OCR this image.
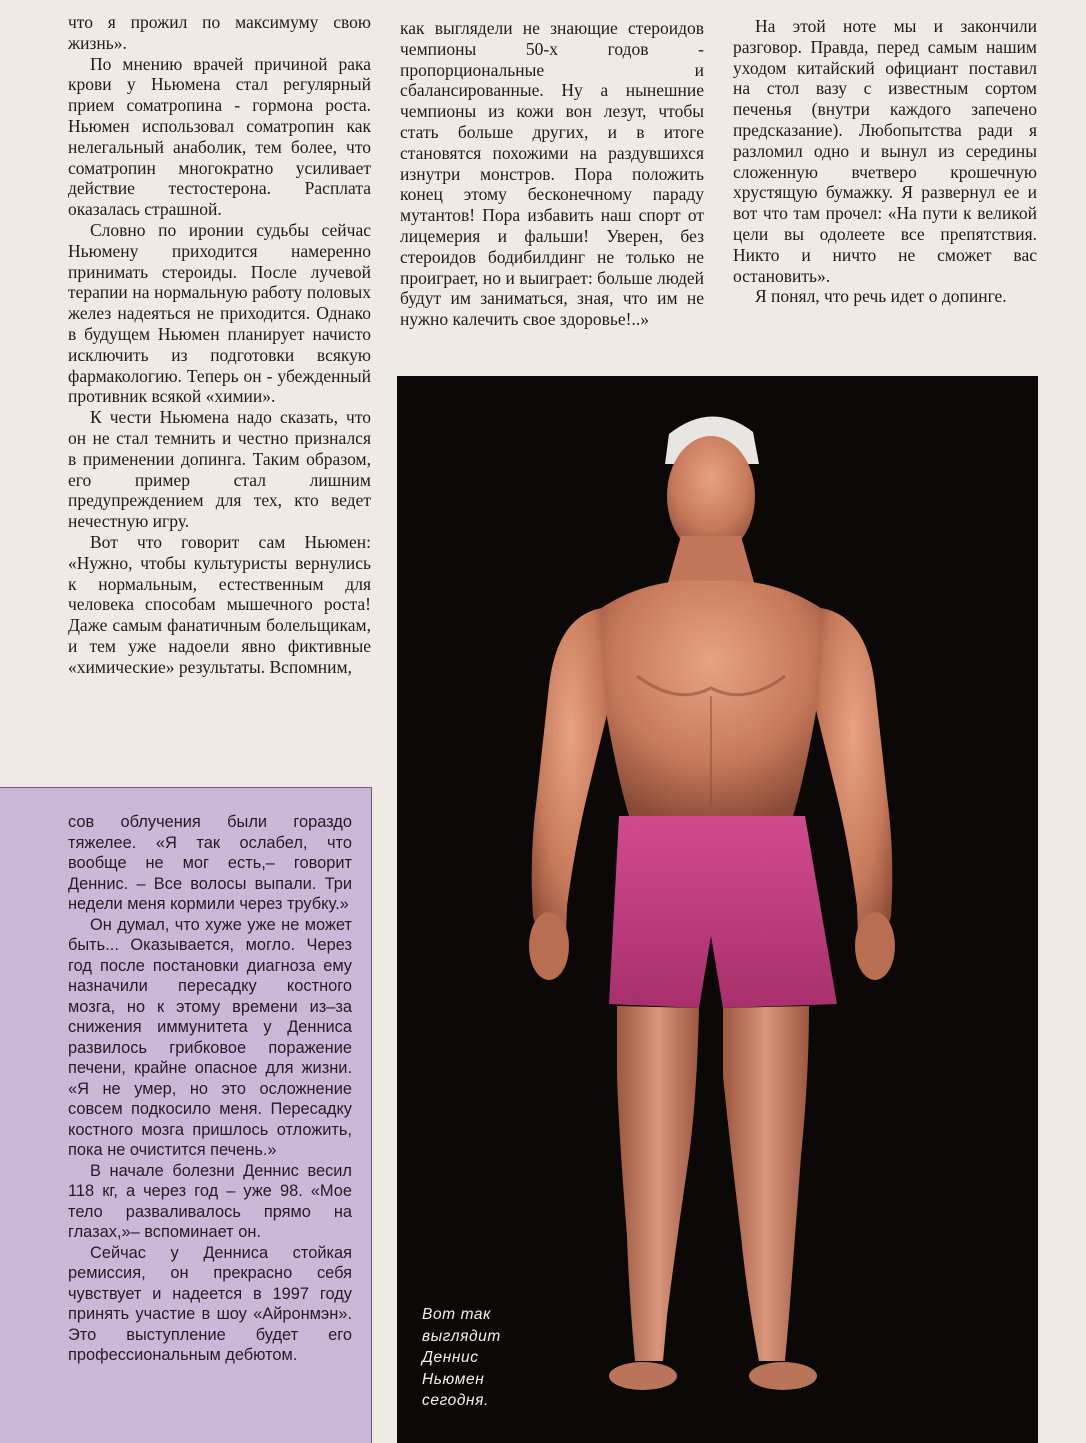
что я прожил по максимуму свою жизнь».

По мнению врачей причиной рака крови у Ньюмена стал регулярный прием соматропина - гормона роста. Ньюмен использовал соматропин как нелегальный анаболик, тем более, что соматропин многократно усиливает действие тестостерона. Расплата оказалась страшной.

Словно по иронии судьбы сейчас Ньюмену приходится намеренно принимать стероиды. После лучевой терапии на нормальную работу половых желез надеяться не приходится. Однако в будущем Ньюмен планирует начисто исключить из подготовки всякую фармакологию. Теперь он - убежденный противник всякой «химии».

К чести Ньюмена надо сказать, что он не стал темнить и честно признался в применении допинга. Таким образом, его пример стал лишним предупреждением для тех, кто ведет нечестную игру.

Вот что говорит сам Ньюмен: «Нужно, чтобы культуристы вернулись к нормальным, естественным для человека способам мышечного роста! Даже самым фанатичным болельщикам, и тем уже надоели явно фиктивные «химические» результаты. Вспомним,

как выглядели не знающие стероидов чемпионы 50-х годов - пропорциональные и сбалансированные. Ну а нынешние чемпионы из кожи вон лезут, чтобы стать больше других, и в итоге становятся похожими на раздувшихся изнутри монстров. Пора положить конец этому бесконечному параду мутантов! Пора избавить наш спорт от лицемерия и фальши! Уверен, без стероидов бодибилдинг не только не проиграет, но и выиграет: больше людей будут им заниматься, зная, что им не нужно калечить свое здоровье!..»

На этой ноте мы и закончили разговор. Правда, перед самым нашим уходом китайский официант поставил на стол вазу с известным сортом печенья (внутри каждого запечено предсказание). Любопытства ради я разломил одно и вынул из середины сложенную вчетверо крошечную хрустящую бумажку. Я развернул ее и вот что там прочел: «На пути к великой цели вы одолеете все препятствия. Никто и ничто не сможет вас остановить».

Я понял, что речь идет о допинге.

сов облучения были гораздо тяжелее. «Я так ослабел, что вообще не мог есть,– говорит Деннис. – Все волосы выпали. Три недели меня кормили через трубку.»

Он думал, что хуже уже не может быть... Оказывается, могло. Через год после постановки диагноза ему назначили пересадку костного мозга, но к этому времени из–за снижения иммунитета у Денниса развилось грибковое поражение печени, крайне опасное для жизни. «Я не умер, но это осложнение совсем подкосило меня. Пересадку костного мозга пришлось отложить, пока не очистится печень.»

В начале болезни Деннис весил 118 кг, а через год – уже 98. «Мое тело разваливалось прямо на глазах,»– вспоминает он.

Сейчас у Денниса стойкая ремиссия, он прекрасно себя чувствует и надеется в 1997 году принять участие в шоу «Айронмэн». Это выступление будет его профессиональным дебютом.

Вот так
выглядит
Деннис
Ньюмен
сегодня.
